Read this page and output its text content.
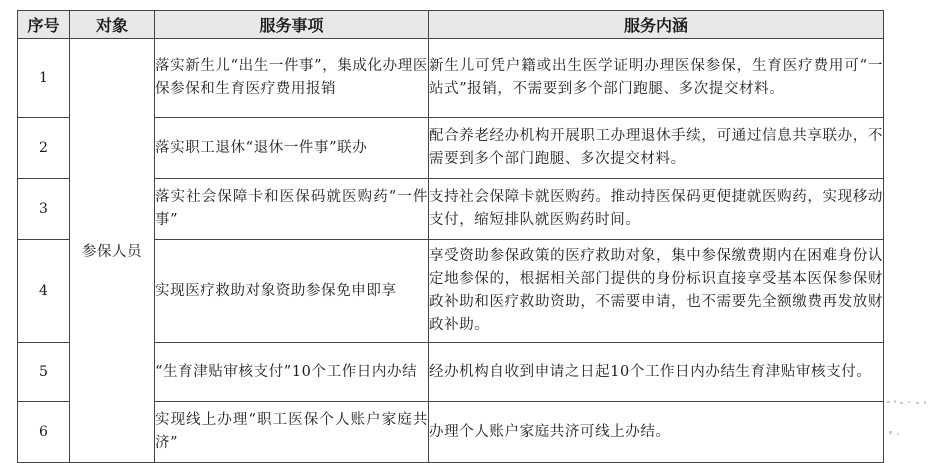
序号	对象	服务事项	服务内涵
1	参保人员	落实新生儿“出生一件事”，集成化办理医保参保和生育医疗费用报销	新生儿可凭户籍或出生医学证明办理医保参保，生育医疗费用可“一站式”报销，不需要到多个部门跑腿、多次提交材料。
2		落实职工退休“退休一件事”联办	配合养老经办机构开展职工办理退休手续，可通过信息共享联办，不需要到多个部门跑腿、多次提交材料。
3		落实社会保障卡和医保码就医购药“一件事”	支持社会保障卡就医购药。推动持医保码更便捷就医购药，实现移动支付，缩短排队就医购药时间。
4		实现医疗救助对象资助参保免申即享	享受资助参保政策的医疗救助对象，集中参保缴费期内在困难身份认定地参保的，根据相关部门提供的身份标识直接享受基本医保参保财政补助和医疗救助资助，不需要申请，也不需要先全额缴费再发放财政补助。
5		“生育津贴审核支付”10个工作日内办结	经办机构自收到申请之日起10个工作日内办结生育津贴审核支付。
6		实现线上办理“职工医保个人账户家庭共济”	办理个人账户家庭共济可线上办结。
